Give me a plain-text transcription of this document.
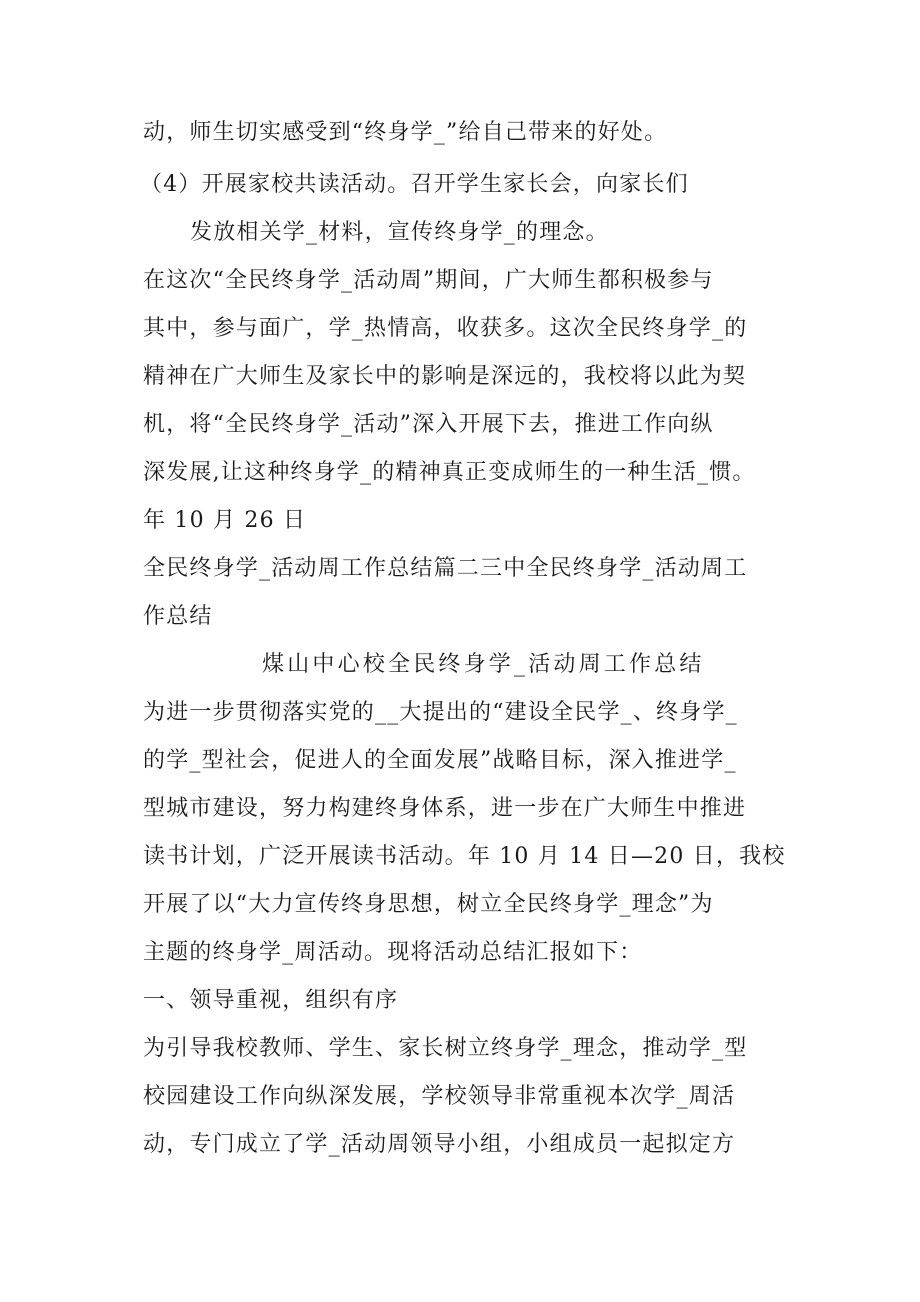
动，师生切实感受到“终身学_”给自己带来的好处。
（4）开展家校共读活动。召开学生家长会，向家长们
发放相关学_材料，宣传终身学_的理念。
在这次“全民终身学_活动周”期间，广大师生都积极参与
其中，参与面广，学_热情高，收获多。这次全民终身学_的
精神在广大师生及家长中的影响是深远的，我校将以此为契
机，将“全民终身学_活动”深入开展下去，推进工作向纵
深发展,让这种终身学_的精神真正变成师生的一种生活_惯。
年 10 月 26 日
全民终身学_活动周工作总结篇二三中全民终身学_活动周工
作总结
煤山中心校全民终身学_活动周工作总结
为进一步贯彻落实党的__大提出的“建设全民学_、终身学_
的学_型社会，促进人的全面发展”战略目标，深入推进学_
型城市建设，努力构建终身体系，进一步在广大师生中推进
读书计划，广泛开展读书活动。年 10 月 14 日—20 日，我校
开展了以“大力宣传终身思想，树立全民终身学_理念”为
主题的终身学_周活动。现将活动总结汇报如下：
一、领导重视，组织有序
为引导我校教师、学生、家长树立终身学_理念，推动学_型
校园建设工作向纵深发展，学校领导非常重视本次学_周活
动，专门成立了学_活动周领导小组，小组成员一起拟定方
